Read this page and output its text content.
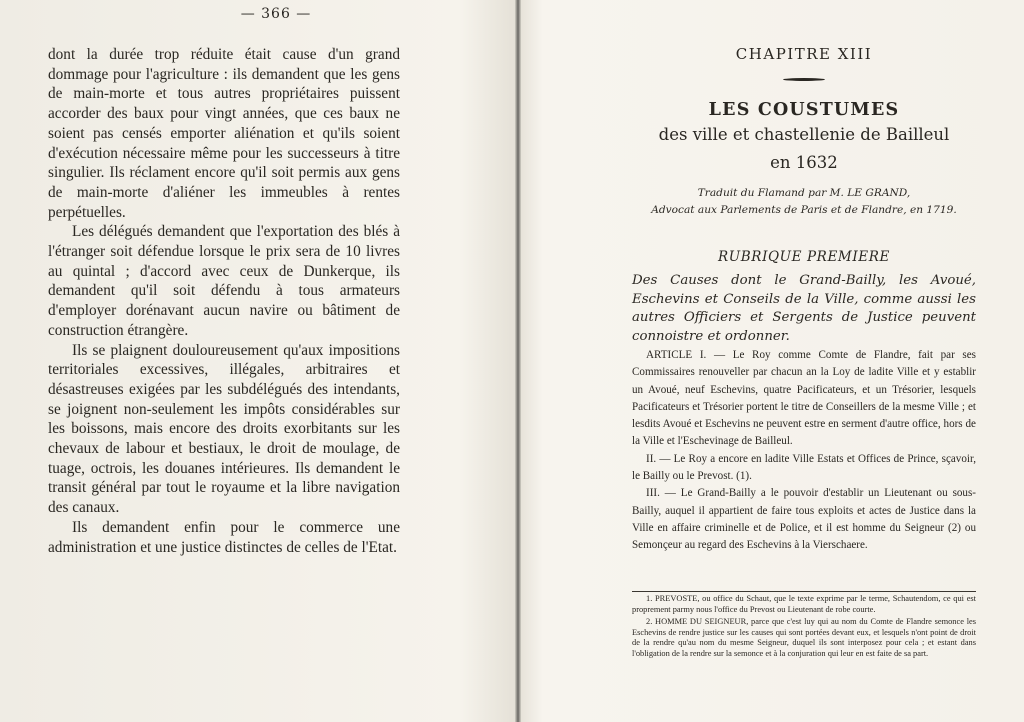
— 366 —

dont la durée trop réduite était cause d'un grand dommage pour l'agriculture : ils demandent que les gens de main-morte et tous autres propriétaires puissent accorder des baux pour vingt années, que ces baux ne soient pas censés emporter aliénation et qu'ils soient d'exécution nécessaire même pour les successeurs à titre singulier. Ils réclament encore qu'il soit permis aux gens de main-morte d'aliéner les immeubles à rentes perpétuelles.

Les délégués demandent que l'exportation des blés à l'étranger soit défendue lorsque le prix sera de 10 livres au quintal ; d'accord avec ceux de Dunkerque, ils demandent qu'il soit défendu à tous armateurs d'employer dorénavant aucun navire ou bâtiment de construction étrangère.

Ils se plaignent douloureusement qu'aux impositions territoriales excessives, illégales, arbitraires et désastreuses exigées par les subdélégués des intendants, se joignent non-seulement les impôts considérables sur les boissons, mais encore des droits exorbitants sur les chevaux de labour et bestiaux, le droit de moulage, de tuage, octrois, les douanes intérieures. Ils demandent le transit général par tout le royaume et la libre navigation des canaux.

Ils demandent enfin pour le commerce une administration et une justice distinctes de celles de l'Etat.

CHAPITRE XIII
LES COUSTUMES
des ville et chastellenie de Bailleul
en 1632
Traduit du Flamand par M. LE GRAND,
Advocat aux Parlements de Paris et de Flandre, en 1719.
RUBRIQUE PREMIERE

Des Causes dont le Grand-Bailly, les Avoué, Eschevins et Conseils de la Ville, comme aussi les autres Officiers et Sergents de Justice peuvent connoistre et ordonner.

ARTICLE I. — Le Roy comme Comte de Flandre, fait par ses Commissaires renouveller par chacun an la Loy de ladite Ville et y establir un Avoué, neuf Eschevins, quatre Pacificateurs, et un Trésorier, lesquels Pacificateurs et Trésorier portent le titre de Conseillers de la mesme Ville ; et lesdits Avoué et Eschevins ne peuvent estre en serment d'autre office, hors de la Ville et l'Eschevinage de Bailleul.

II. — Le Roy a encore en ladite Ville Estats et Offices de Prince, sçavoir, le Bailly ou le Prevost. (1).

III. — Le Grand-Bailly a le pouvoir d'establir un Lieutenant ou sous-Bailly, auquel il appartient de faire tous exploits et actes de Justice dans la Ville en affaire criminelle et de Police, et il est homme du Seigneur (2) ou Semonçeur au regard des Eschevins à la Vierschaere.

1. PREVOSTE, ou office du Schaut, que le texte exprime par le terme, Schautendom, ce qui est proprement parmy nous l'office du Prevost ou Lieutenant de robe courte.

2. HOMME DU SEIGNEUR, parce que c'est luy qui au nom du Comte de Flandre semonce les Eschevins de rendre justice sur les causes qui sont portées devant eux, et lesquels n'ont point de droit de la rendre qu'au nom du mesme Seigneur, duquel ils sont interposez pour cela ; et estant dans l'obligation de la rendre sur la semonce et à la conjuration qui leur en est faite de sa part.
